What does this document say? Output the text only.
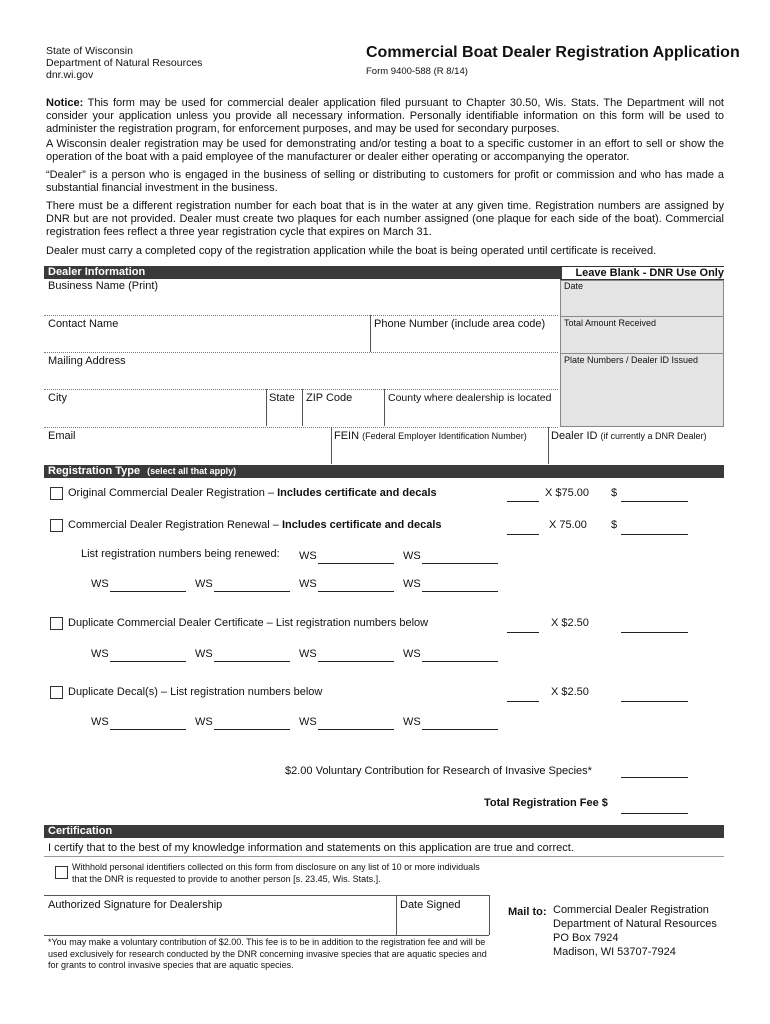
State of Wisconsin
Department of Natural Resources
dnr.wi.gov
Commercial Boat Dealer Registration Application
Form 9400-588 (R 8/14)
Notice: This form may be used for commercial dealer application filed pursuant to Chapter 30.50, Wis. Stats. The Department will not consider your application unless you provide all necessary information. Personally identifiable information on this form will be used to administer the registration program, for enforcement purposes, and may be used for secondary purposes.
A Wisconsin dealer registration may be used for demonstrating and/or testing a boat to a specific customer in an effort to sell or show the operation of the boat with a paid employee of the manufacturer or dealer either operating or accompanying the operator.
“Dealer” is a person who is engaged in the business of selling or distributing to customers for profit or commission and who has made a substantial financial investment in the business.
There must be a different registration number for each boat that is in the water at any given time. Registration numbers are assigned by DNR but are not provided. Dealer must create two plaques for each number assigned (one plaque for each side of the boat). Commercial registration fees reflect a three year registration cycle that expires on March 31.
Dealer must carry a completed copy of the registration application while the boat is being operated until certificate is received.
Dealer Information	Leave Blank - DNR Use Only
Date
Total Amount Received
Plate Numbers / Dealer ID Issued
Business Name (Print)
Contact Name	Phone Number (include area code)
Mailing Address
City	State ZIP Code	County where dealership is located
Email	FEIN (Federal Employer Identification Number) Dealer ID (if currently a DNR Dealer)
Registration Type (select all that apply)
Original Commercial Dealer Registration – Includes certificate and decals	X $75.00 $
Commercial Dealer Registration Renewal – Includes certificate and decals	X 75.00 $
List registration numbers being renewed: WS	WS
WS	WS	WS	WS
Duplicate Commercial Dealer Certificate – List registration numbers below	X $2.50
WS	WS	WS	WS
Duplicate Decal(s) – List registration numbers below	X $2.50
WS	WS	WS	WS
$2.00 Voluntary Contribution for Research of Invasive Species*
Total Registration Fee $
Certification
I certify that to the best of my knowledge information and statements on this application are true and correct.
Withhold personal identifiers collected on this form from disclosure on any list of 10 or more individuals that the DNR is requested to provide to another person [s. 23.45, Wis. Stats.].
Authorized Signature for Dealership	Date Signed
*You may make a voluntary contribution of $2.00. This fee is to be in addition to the registration fee and will be used exclusively for research conducted by the DNR concerning invasive species that are aquatic species and for grants to control invasive species that are aquatic species.
Mail to: Commercial Dealer Registration
Department of Natural Resources
PO Box 7924
Madison, WI 53707-7924
